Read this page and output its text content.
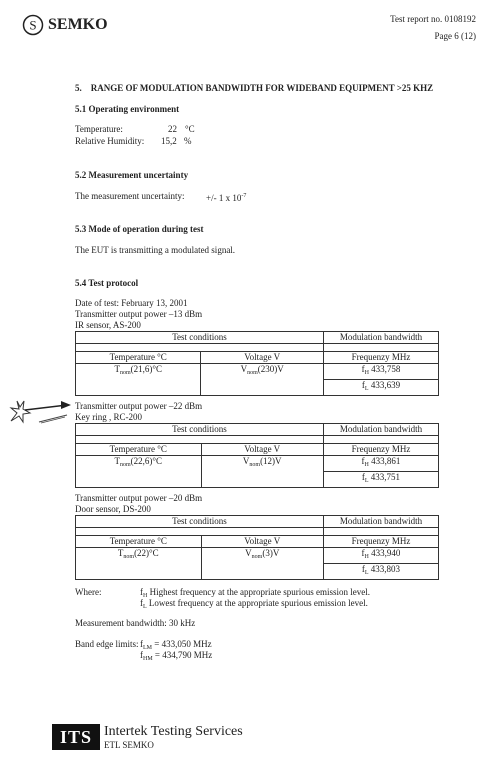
S SEMKO	Test report no. 0108192
Page 6 (12)
5.    RANGE OF MODULATION BANDWIDTH FOR WIDEBAND EQUIPMENT >25 KHZ
5.1 Operating environment
Temperature:	22 °C
Relative Humidity: 15,2 %
5.2 Measurement uncertainty
The measurement uncertainty: +/- 1 x $10^{-7}$
5.3 Mode of operation during test
The EUT is transmitting a modulated signal.
5.4 Test protocol
Date of test: February 13, 2001
Transmitter output power –13 dBm
IR sensor, AS-200
Test conditions		Modulation bandwidth

Temperature °C	Voltage V	Frequenzy MHz
$T_{nom}(21,6)^\circ C$	$V_{nom}(230)V$	$f_H$ 433,758
		$f_L$ 433,639
Transmitter output power –22 dBm
Key ring , RC-200
Test conditions		Modulation bandwidth

Temperature °C	Voltage V	Frequenzy MHz
$T_{nom}(22,6)^\circ C$	$V_{nom}(12)V$	$f_H$ 433,861
		$f_L$ 433,751
Transmitter output power –20 dBm
Door sensor, DS-200
Test conditions		Modulation bandwidth

Temperature °C	Voltage V	Frequenzy MHz
$T_{nom}(22)^\circ C$	$V_{nom}(3)V$	$f_H$ 433,940
		$f_L$ 433,803
Where:	$f_H$ Highest frequency at the appropriate spurious emission level.
$f_L$ Lowest frequency at the appropriate spurious emission level.
Measurement bandwidth: 30 kHz
Band edge limits: $f_{LM} = 433,050$ MHz
$f_{HM} = 434,790$ MHz
ITS Intertek Testing Services
ETL SEMKO
